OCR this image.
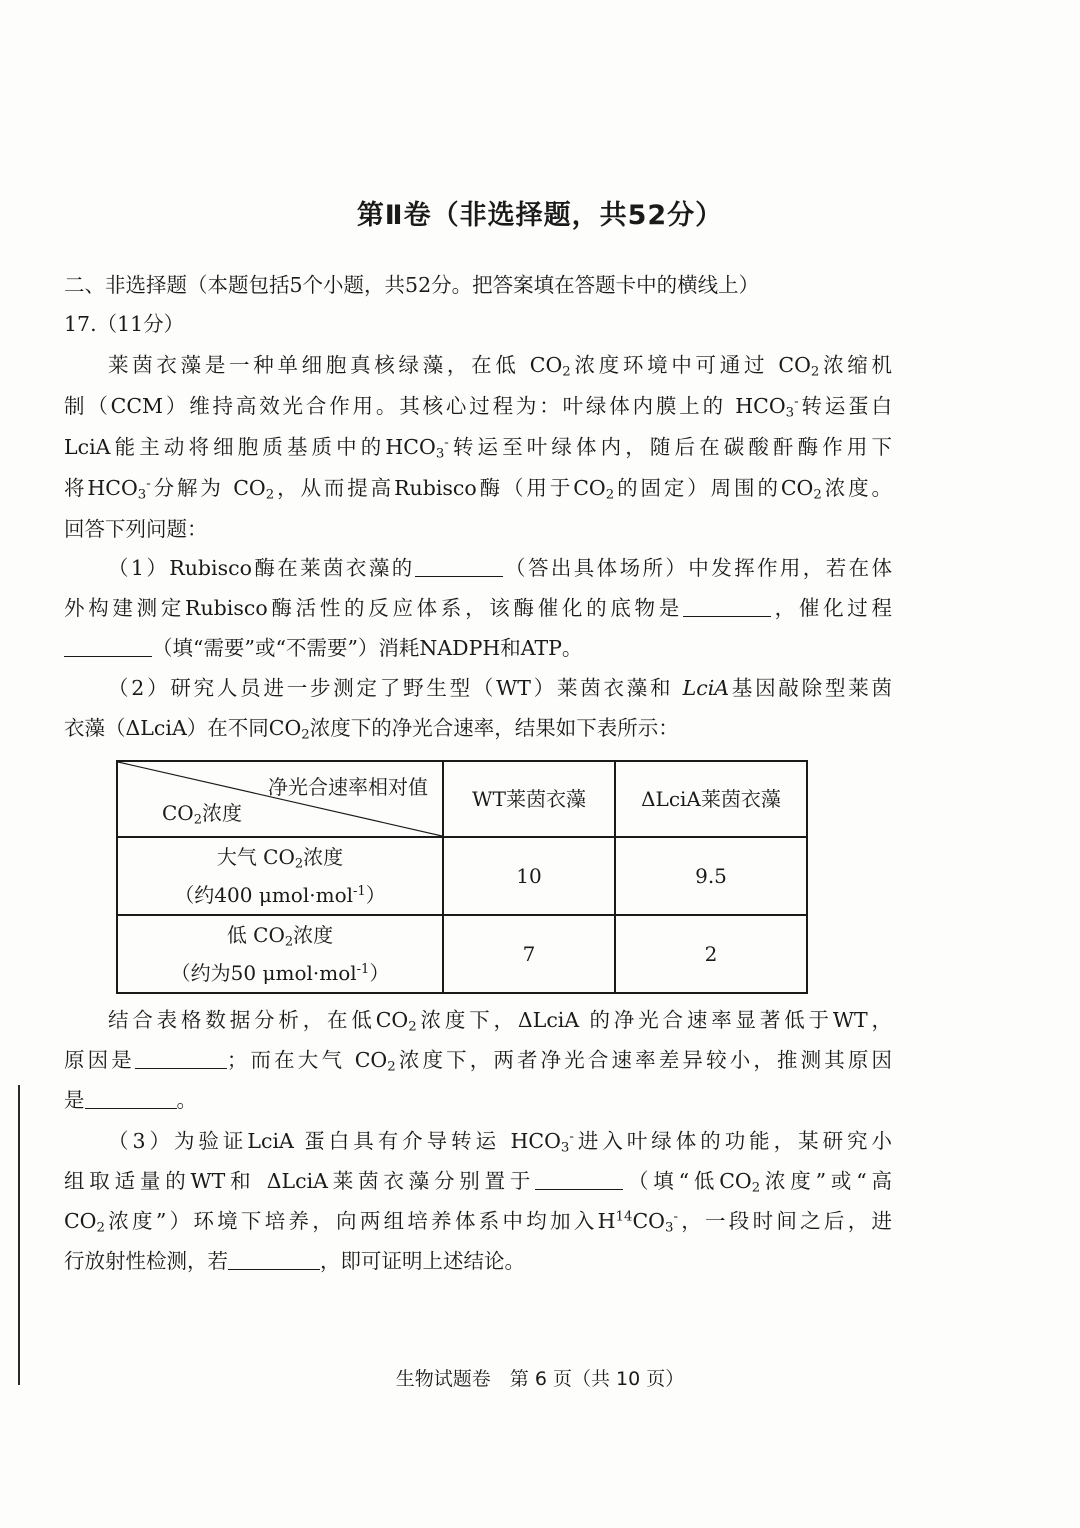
第Ⅱ卷（非选择题，共52分）
二、非选择题（本题包括5个小题，共52分。把答案填在答题卡中的横线上）
17.（11分）
莱茵衣藻是一种单细胞真核绿藻，在低 $CO_2$浓度环境中可通过 $CO_2$浓缩机
制（CCM）维持高效光合作用。其核心过程为：叶绿体内膜上的 $HCO_3^-$转运蛋白
LciA能主动将细胞质基质中的$HCO_3^-$转运至叶绿体内，随后在碳酸酐酶作用下
将$HCO_3^-$分解为 $CO_2$，从而提高Rubisco酶（用于$CO_2$的固定）周围的$CO_2$浓度。
回答下列问题：
（1）Rubisco酶在莱茵衣藻的	（答出具体场所）中发挥作用，若在体
外构建测定Rubisco酶活性的反应体系，该酶催化的底物是	，催化过程
（填“需要”或“不需要”）消耗NADPH和ATP。
（2）研究人员进一步测定了野生型（WT）莱茵衣藻和 LciA基因敲除型莱茵
衣藻（ΔLciA）在不同$CO_2$浓度下的净光合速率，结果如下表所示：
净光合速率相对值
$CO_2$浓度	WT莱茵衣藻	ΔLciA莱茵衣藻

大气 $CO_2$浓度
（约400 μmol·mol$^{-1}$）	10	9.5

低 $CO_2$浓度
（约为50 μmol·mol$^{-1}$）	7	2
结合表格数据分析，在低$CO_2$浓度下，ΔLciA 的净光合速率显著低于WT，
原因是	；而在大气 $CO_2$浓度下，两者净光合速率差异较小，推测其原因
是	。
（3）为验证LciA 蛋白具有介导转运 $HCO_3^-$进入叶绿体的功能，某研究小
组取适量的WT和 ΔLciA莱茵衣藻分别置于	（填“低$CO_2$浓度”或“高
$CO_2$浓度”）环境下培养，向两组培养体系中均加入$H^{14}CO_3^-$，一段时间之后，进
行放射性检测，若	，即可证明上述结论。
生物试题卷　第 6 页（共 10 页）
